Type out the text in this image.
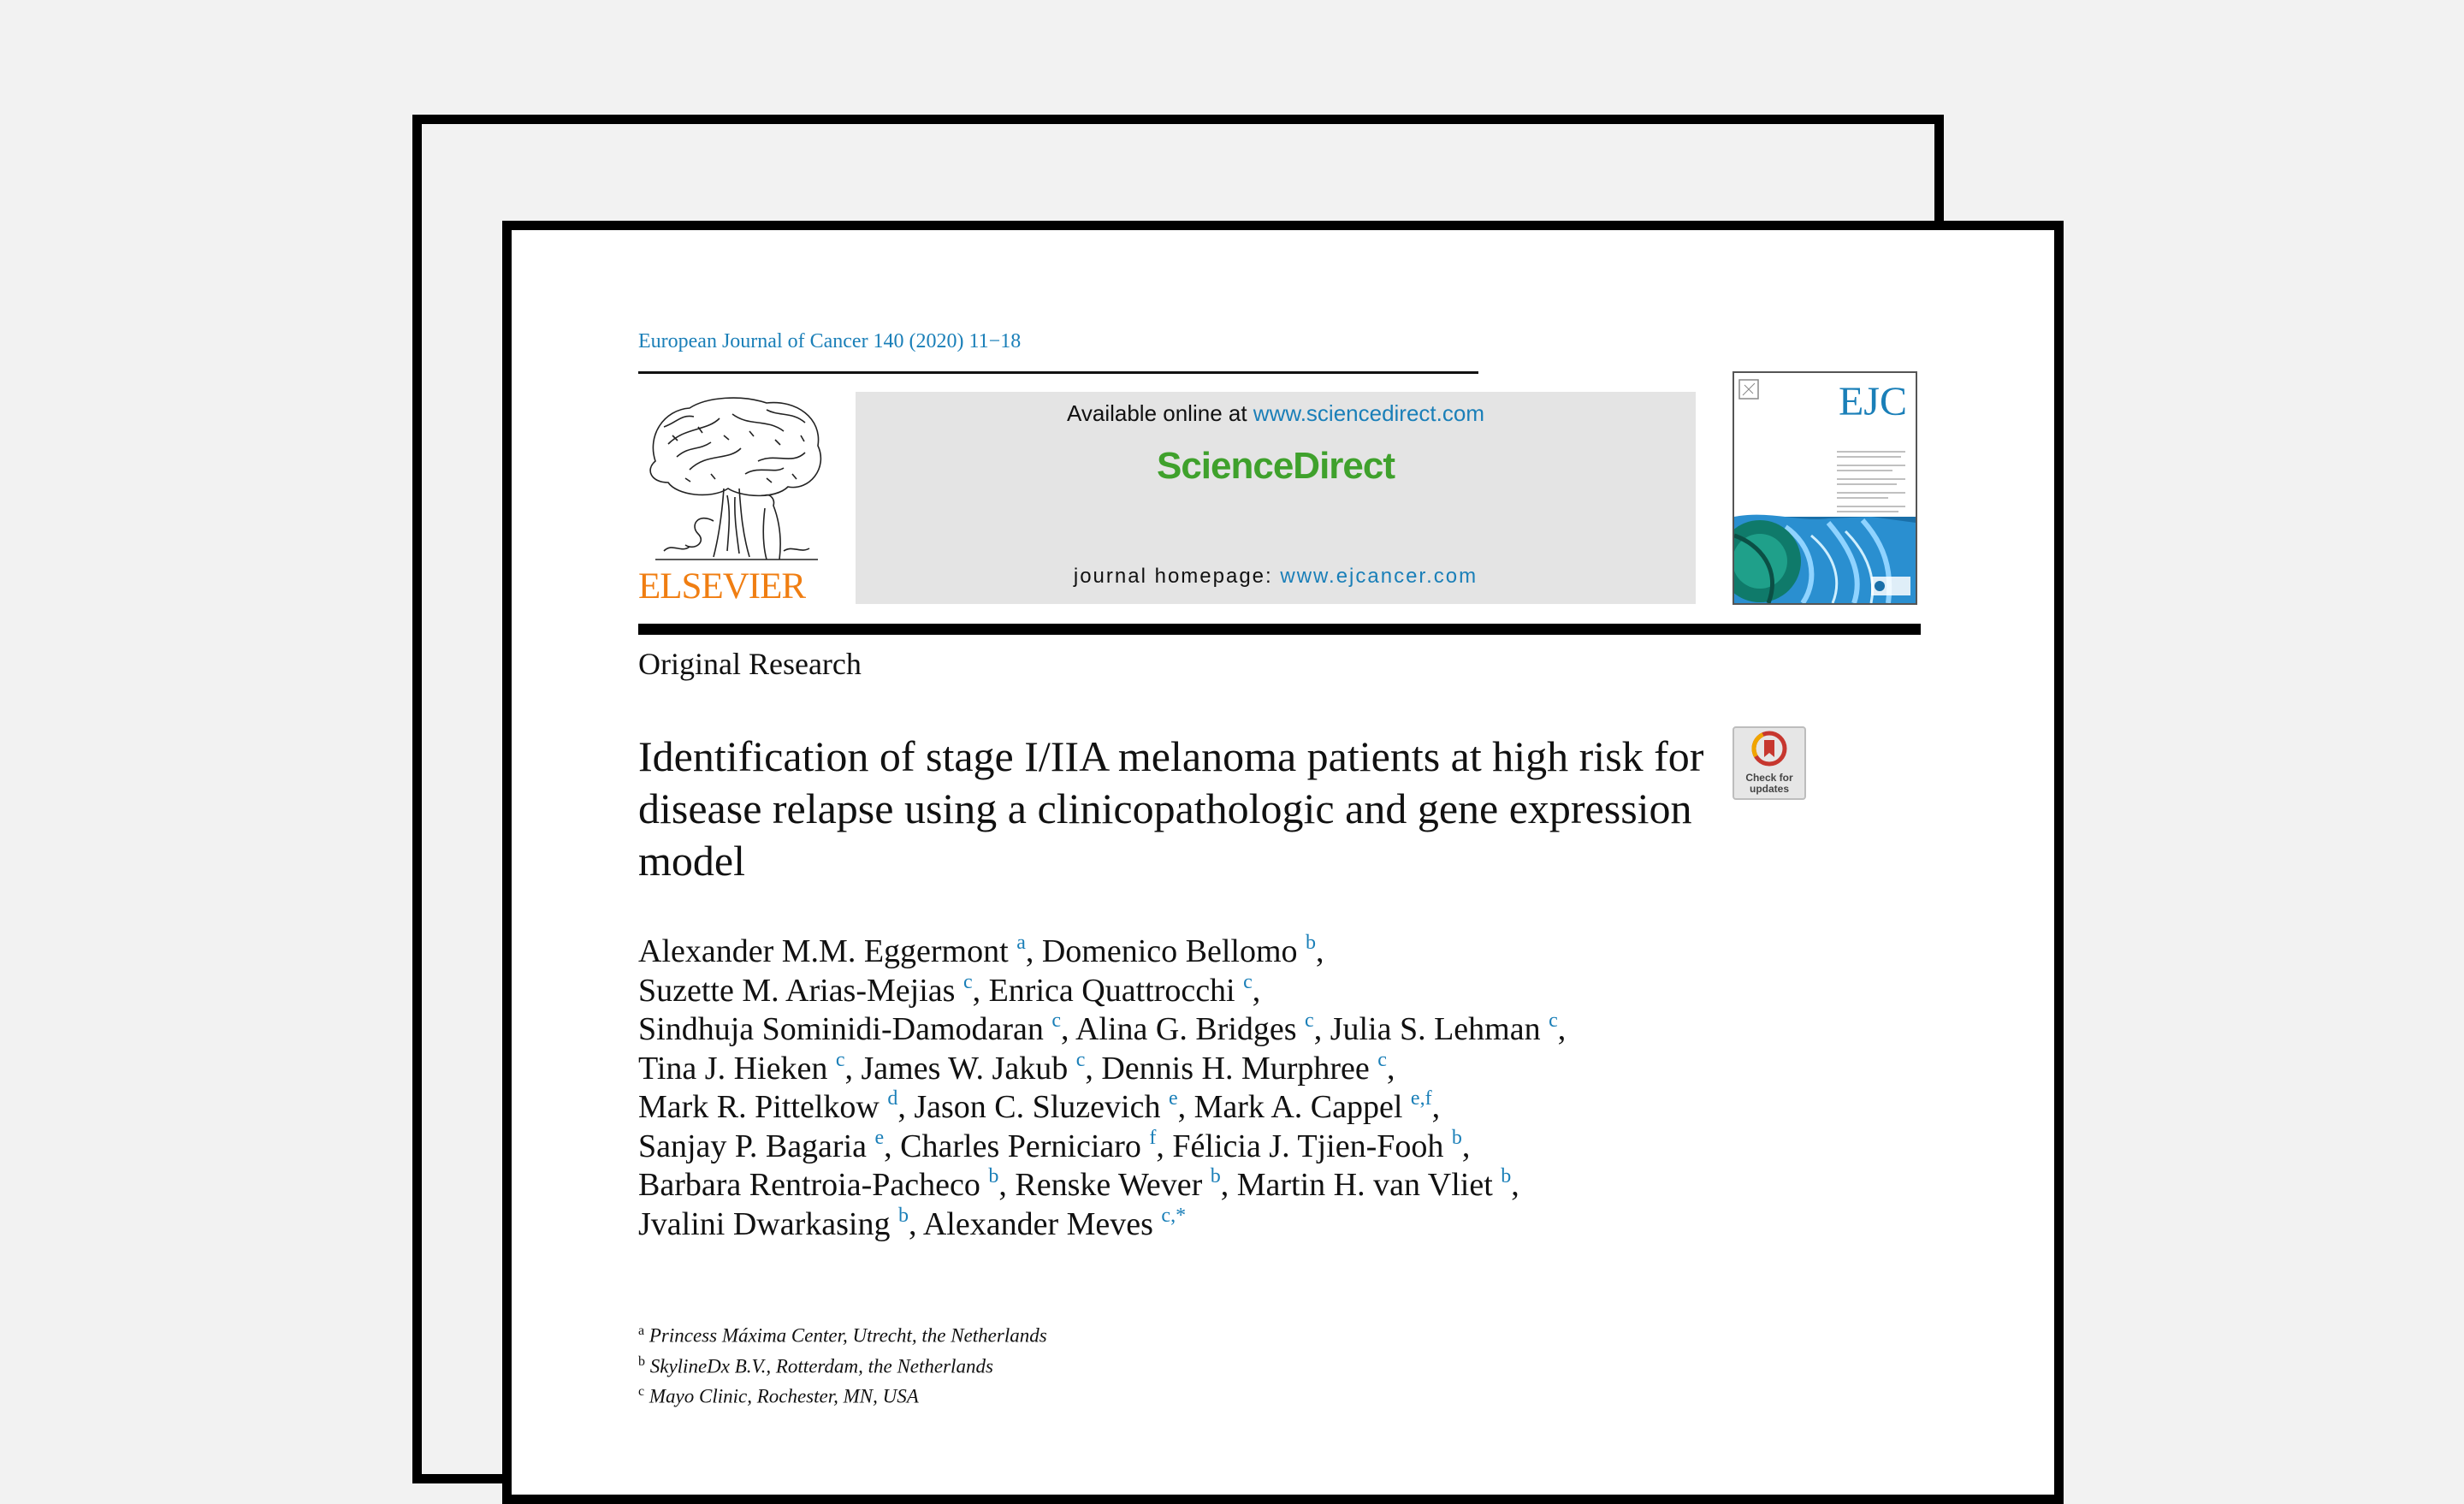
European Journal of Cancer 140 (2020) 11−18
ELSEVIER
Available online at www.sciencedirect.com
ScienceDirect
journal homepage: www.ejcancer.com
EJC
Original Research
Identification of stage I/IIA melanoma patients at high risk for disease relapse using a clinicopathologic and gene expression model
Check for
updates
Alexander M.M. Eggermont $^a$, Domenico Bellomo $^b$,
Suzette M. Arias-Mejias $^c$, Enrica Quattrocchi $^c$,
Sindhuja Sominidi-Damodaran $^c$, Alina G. Bridges $^c$, Julia S. Lehman $^c$,
Tina J. Hieken $^c$, James W. Jakub $^c$, Dennis H. Murphree $^c$,
Mark R. Pittelkow $^d$, Jason C. Sluzevich $^e$, Mark A. Cappel $^{e,f}$,
Sanjay P. Bagaria $^e$, Charles Perniciaro $^f$, Félicia J. Tjien-Fooh $^b$,
Barbara Rentroia-Pacheco $^b$, Renske Wever $^b$, Martin H. van Vliet $^b$,
Jvalini Dwarkasing $^b$, Alexander Meves $^{c,*}$
$^a$ Princess Máxima Center, Utrecht, the Netherlands
$^b$ SkylineDx B.V., Rotterdam, the Netherlands
$^c$ Mayo Clinic, Rochester, MN, USA
